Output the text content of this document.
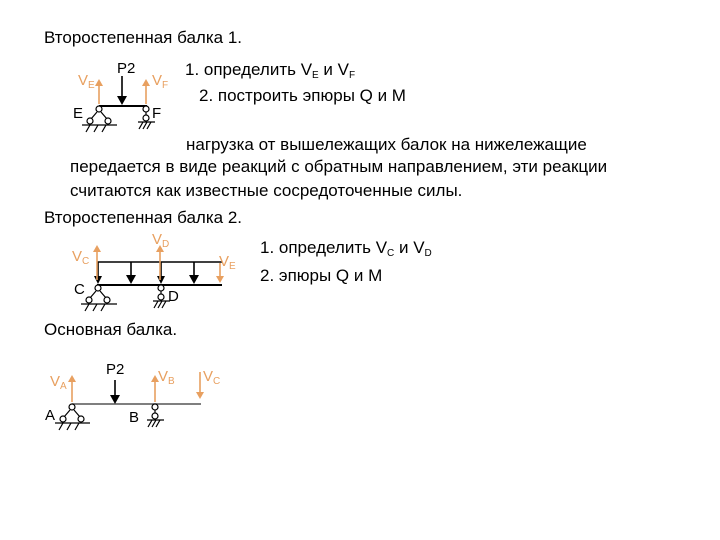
Второстепенная балка 1.
1. определить $V_E$ и $V_F$
2. построить эпюры Q и M
нагрузка от вышележащих балок на нижележащие
передается в виде реакций с обратным направлением, эти реакции
считаются как известные сосредоточенные силы.
Второстепенная балка 2.
1. определить $V_C$ и $V_D$
2. эпюры Q и M
Основная балка.
P2
$V_E$	$V_F$
E	F
$V_C$
$V_D$
$V_E$
C	D
P2
$V_A$
$V_B$ $V_C$
A	B
